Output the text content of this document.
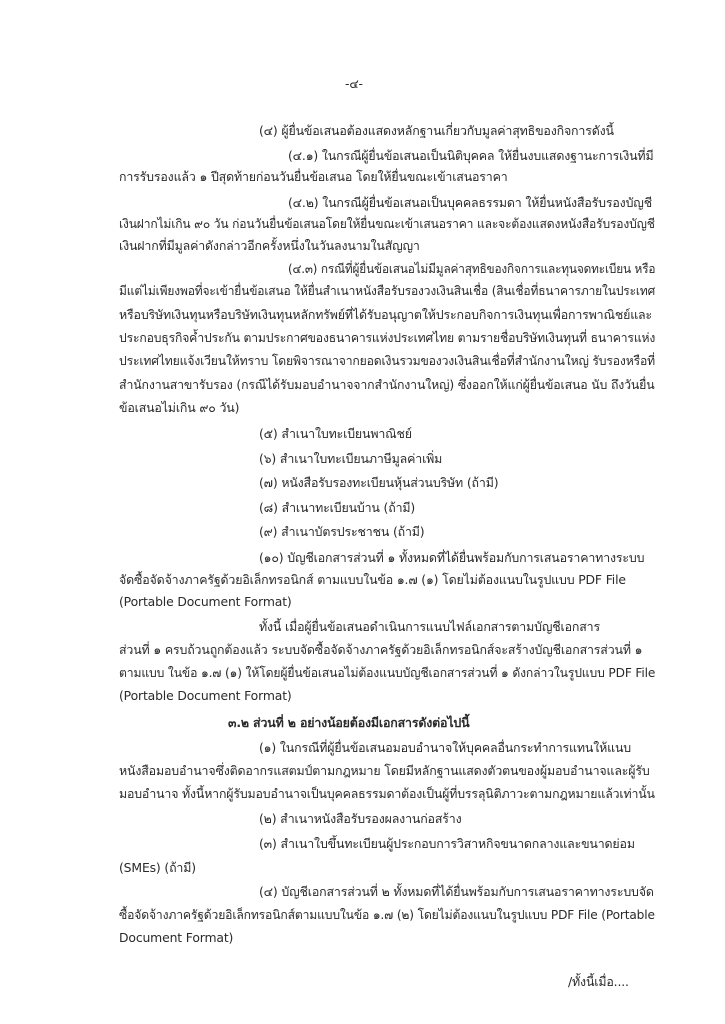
-๔-
(๔) ผู้ยื่นข้อเสนอต้องแสดงหลักฐานเกี่ยวกับมูลค่าสุทธิของกิจการดังนี้
(๔.๑) ในกรณีผู้ยื่นข้อเสนอเป็นนิติบุคคล ให้ยื่นงบแสดงฐานะการเงินที่มี
การรับรองแล้ว ๑ ปีสุดท้ายก่อนวันยื่นข้อเสนอ โดยให้ยื่นขณะเข้าเสนอราคา
(๔.๒) ในกรณีผู้ยื่นข้อเสนอเป็นบุคคลธรรมดา ให้ยื่นหนังสือรับรองบัญชี
เงินฝากไม่เกิน ๙๐ วัน ก่อนวันยื่นข้อเสนอโดยให้ยื่นขณะเข้าเสนอราคา และจะต้องแสดงหนังสือรับรองบัญชี
เงินฝากที่มีมูลค่าดังกล่าวอีกครั้งหนึ่งในวันลงนามในสัญญา
(๔.๓) กรณีที่ผู้ยื่นข้อเสนอไม่มีมูลค่าสุทธิของกิจการและทุนจดทะเบียน หรือ
มีแต่ไม่เพียงพอที่จะเข้ายื่นข้อเสนอ ให้ยื่นสำเนาหนังสือรับรองวงเงินสินเชื่อ (สินเชื่อที่ธนาคารภายในประเทศ
หรือบริษัทเงินทุนหรือบริษัทเงินทุนหลักทรัพย์ที่ได้รับอนุญาตให้ประกอบกิจการเงินทุนเพื่อการพาณิชย์และ
ประกอบธุรกิจค้ำประกัน ตามประกาศของธนาคารแห่งประเทศไทย ตามรายชื่อบริษัทเงินทุนที่ ธนาคารแห่ง
ประเทศไทยแจ้งเวียนให้ทราบ โดยพิจารณาจากยอดเงินรวมของวงเงินสินเชื่อที่สำนักงานใหญ่ รับรองหรือที่
สำนักงานสาขารับรอง (กรณีได้รับมอบอำนาจจากสำนักงานใหญ่) ซึ่งออกให้แก่ผู้ยื่นข้อเสนอ นับ ถึงวันยื่น
ข้อเสนอไม่เกิน ๙๐ วัน)
(๕) สำเนาใบทะเบียนพาณิชย์
(๖) สำเนาใบทะเบียนภาษีมูลค่าเพิ่ม
(๗) หนังสือรับรองทะเบียนหุ้นส่วนบริษัท (ถ้ามี)
(๘) สำเนาทะเบียนบ้าน (ถ้ามี)
(๙) สำเนาบัตรประชาชน (ถ้ามี)
(๑๐) บัญชีเอกสารส่วนที่ ๑ ทั้งหมดที่ได้ยื่นพร้อมกับการเสนอราคาทางระบบ
จัดซื้อจัดจ้างภาครัฐด้วยอิเล็กทรอนิกส์ ตามแบบในข้อ ๑.๗ (๑) โดยไม่ต้องแนบในรูปแบบ PDF File
(Portable Document Format)
ทั้งนี้ เมื่อผู้ยื่นข้อเสนอดำเนินการแนบไฟล์เอกสารตามบัญชีเอกสาร
ส่วนที่ ๑ ครบถ้วนถูกต้องแล้ว ระบบจัดซื้อจัดจ้างภาครัฐด้วยอิเล็กทรอนิกส์จะสร้างบัญชีเอกสารส่วนที่ ๑
ตามแบบ ในข้อ ๑.๗ (๑) ให้โดยผู้ยื่นข้อเสนอไม่ต้องแนบบัญชีเอกสารส่วนที่ ๑ ดังกล่าวในรูปแบบ PDF File
(Portable Document Format)
๓.๒ ส่วนที่ ๒ อย่างน้อยต้องมีเอกสารดังต่อไปนี้
(๑) ในกรณีที่ผู้ยื่นข้อเสนอมอบอำนาจให้บุคคลอื่นกระทำการแทนให้แนบ
หนังสือมอบอำนาจซึ่งติดอากรแสตมป์ตามกฎหมาย โดยมีหลักฐานแสดงตัวตนของผู้มอบอำนาจและผู้รับ
มอบอำนาจ ทั้งนี้หากผู้รับมอบอำนาจเป็นบุคคลธรรมดาต้องเป็นผู้ที่บรรลุนิติภาวะตามกฎหมายแล้วเท่านั้น
(๒) สำเนาหนังสือรับรองผลงานก่อสร้าง
(๓) สำเนาใบขึ้นทะเบียนผู้ประกอบการวิสาหกิจขนาดกลางและขนาดย่อม
(SMEs) (ถ้ามี)
(๔) บัญชีเอกสารส่วนที่ ๒ ทั้งหมดที่ได้ยื่นพร้อมกับการเสนอราคาทางระบบจัด
ซื้อจัดจ้างภาครัฐด้วยอิเล็กทรอนิกส์ตามแบบในข้อ ๑.๗ (๒) โดยไม่ต้องแนบในรูปแบบ PDF File (Portable
Document Format)
/ทั้งนี้เมื่อ....
